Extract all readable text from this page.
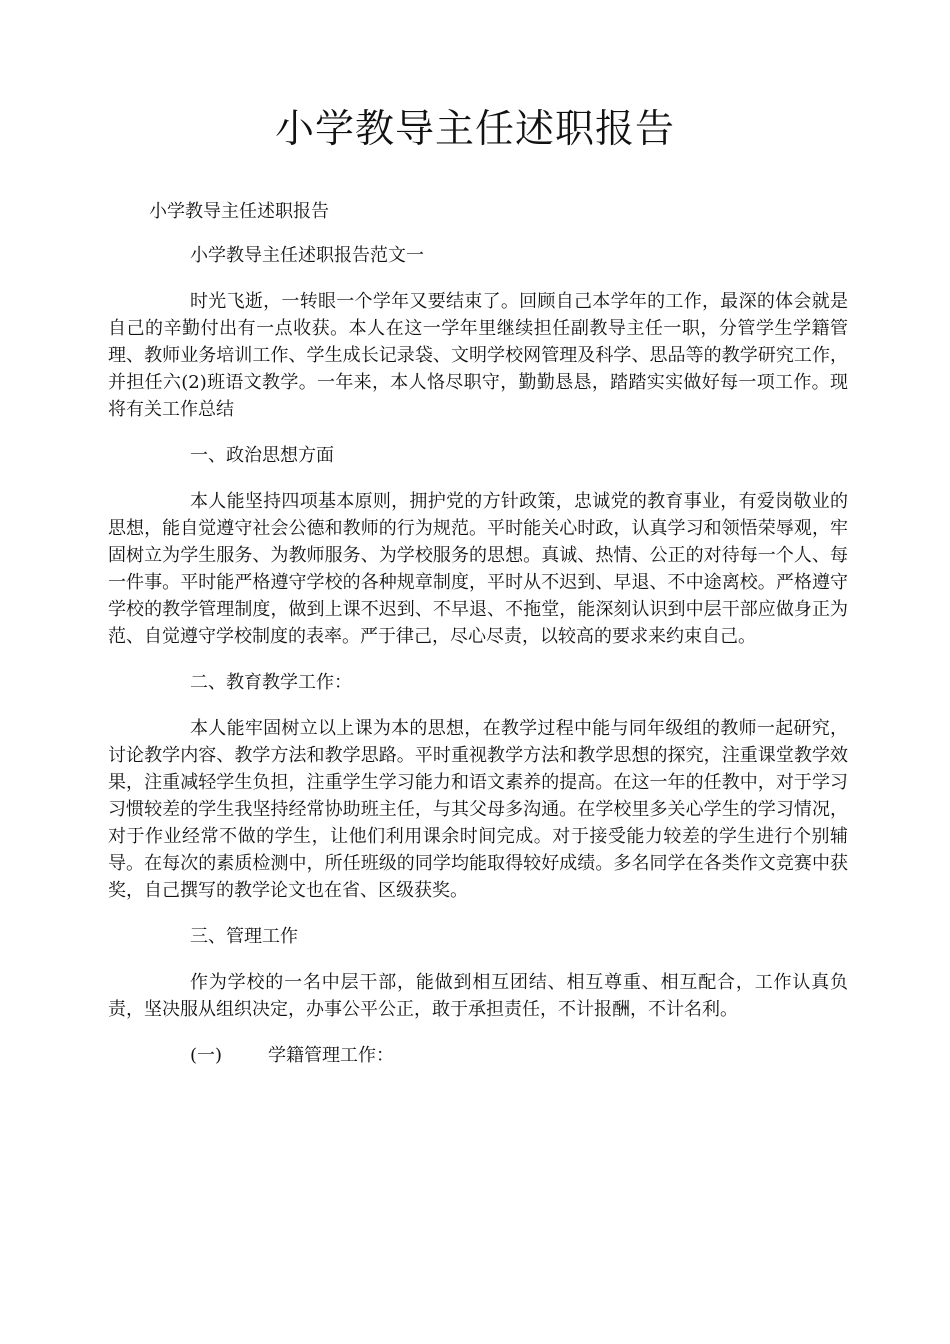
小学教导主任述职报告

小学教导主任述职报告

小学教导主任述职报告范文一

时光飞逝，一转眼一个学年又要结束了。回顾自己本学年的工作，最深的体会就是自己的辛勤付出有一点收获。本人在这一学年里继续担任副教导主任一职，分管学生学籍管理、教师业务培训工作、学生成长记录袋、文明学校网管理及科学、思品等的教学研究工作，并担任六(2)班语文教学。一年来，本人恪尽职守，勤勤恳恳，踏踏实实做好每一项工作。现将有关工作总结

一、政治思想方面

本人能坚持四项基本原则，拥护党的方针政策，忠诚党的教育事业，有爱岗敬业的思想，能自觉遵守社会公德和教师的行为规范。平时能关心时政，认真学习和领悟荣辱观，牢固树立为学生服务、为教师服务、为学校服务的思想。真诚、热情、公正的对待每一个人、每一件事。平时能严格遵守学校的各种规章制度，平时从不迟到、早退、不中途离校。严格遵守学校的教学管理制度，做到上课不迟到、不早退、不拖堂，能深刻认识到中层干部应做身正为范、自觉遵守学校制度的表率。严于律己，尽心尽责，以较高的要求来约束自己。

二、教育教学工作：

本人能牢固树立以上课为本的思想，在教学过程中能与同年级组的教师一起研究，讨论教学内容、教学方法和教学思路。平时重视教学方法和教学思想的探究，注重课堂教学效果，注重减轻学生负担，注重学生学习能力和语文素养的提高。在这一年的任教中，对于学习习惯较差的学生我坚持经常协助班主任，与其父母多沟通。在学校里多关心学生的学习情况，对于作业经常不做的学生，让他们利用课余时间完成。对于接受能力较差的学生进行个别辅导。在每次的素质检测中，所任班级的同学均能取得较好成绩。多名同学在各类作文竞赛中获奖，自己撰写的教学论文也在省、区级获奖。

三、管理工作

作为学校的一名中层干部，能做到相互团结、相互尊重、相互配合，工作认真负责，坚决服从组织决定，办事公平公正，敢于承担责任，不计报酬，不计名利。

(一)	学籍管理工作：
